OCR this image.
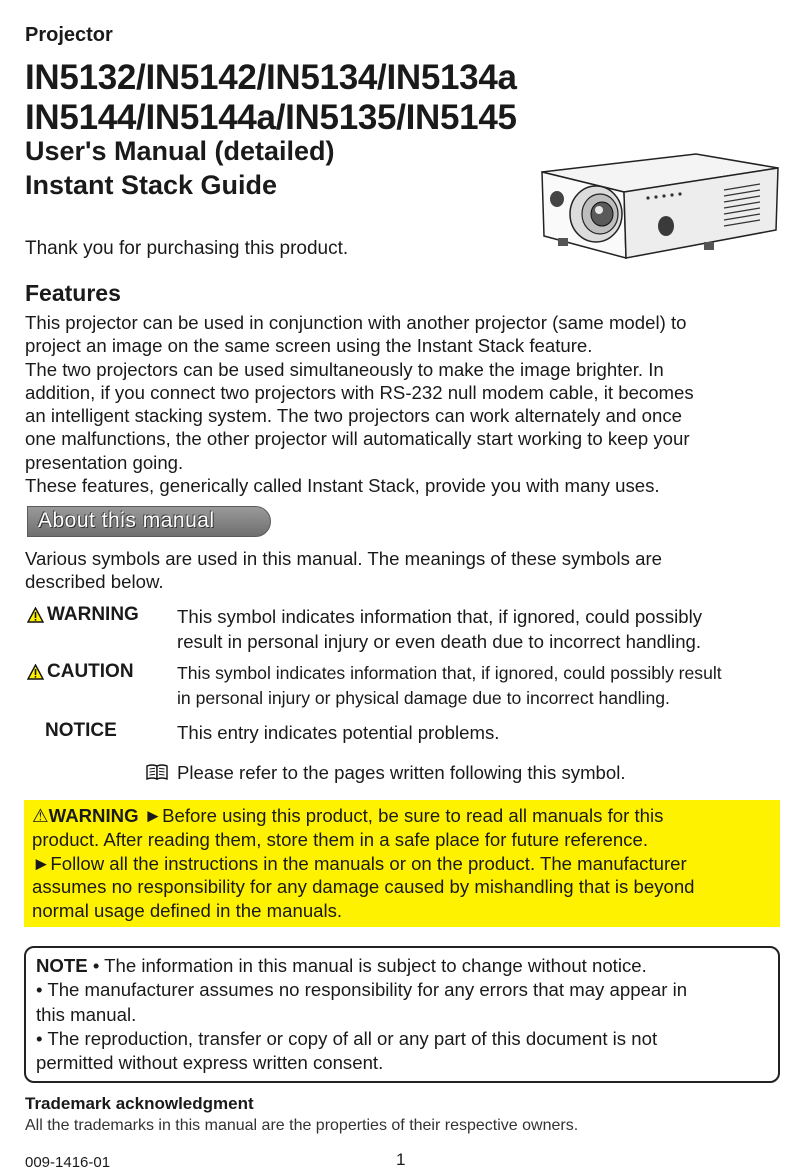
Projector
IN5132/IN5142/IN5134/IN5134a
IN5144/IN5144a/IN5135/IN5145
User's Manual (detailed)
Instant Stack Guide
Thank you for purchasing this product.
Features
This projector can be used in conjunction with another projector (same model) to
project an image on the same screen using the Instant Stack feature.
The two projectors can be used simultaneously to make the image brighter. In
addition, if you connect two projectors with RS-232 null modem cable, it becomes
an intelligent stacking system. The two projectors can work alternately and once
one malfunctions, the other projector will automatically start working to keep your
presentation going.
These features, generically called Instant Stack, provide you with many uses.
About this manual
Various symbols are used in this manual. The meanings of these symbols are
described below.
WARNING This symbol indicates information that, if ignored, could possibly
result in personal injury or even death due to incorrect handling.
CAUTION This symbol indicates information that, if ignored, could possibly result
in personal injury or physical damage due to incorrect handling.
NOTICE	This entry indicates potential problems.
Please refer to the pages written following this symbol.
⚠WARNING ►Before using this product, be sure to read all manuals for this
product. After reading them, store them in a safe place for future reference.
►Follow all the instructions in the manuals or on the product. The manufacturer
assumes no responsibility for any damage caused by mishandling that is beyond
normal usage defined in the manuals.
NOTE • The information in this manual is subject to change without notice.
• The manufacturer assumes no responsibility for any errors that may appear in
this manual.
• The reproduction, transfer or copy of all or any part of this document is not
permitted without express written consent.
Trademark acknowledgment
All the trademarks in this manual are the properties of their respective owners.
009-1416-01	1
